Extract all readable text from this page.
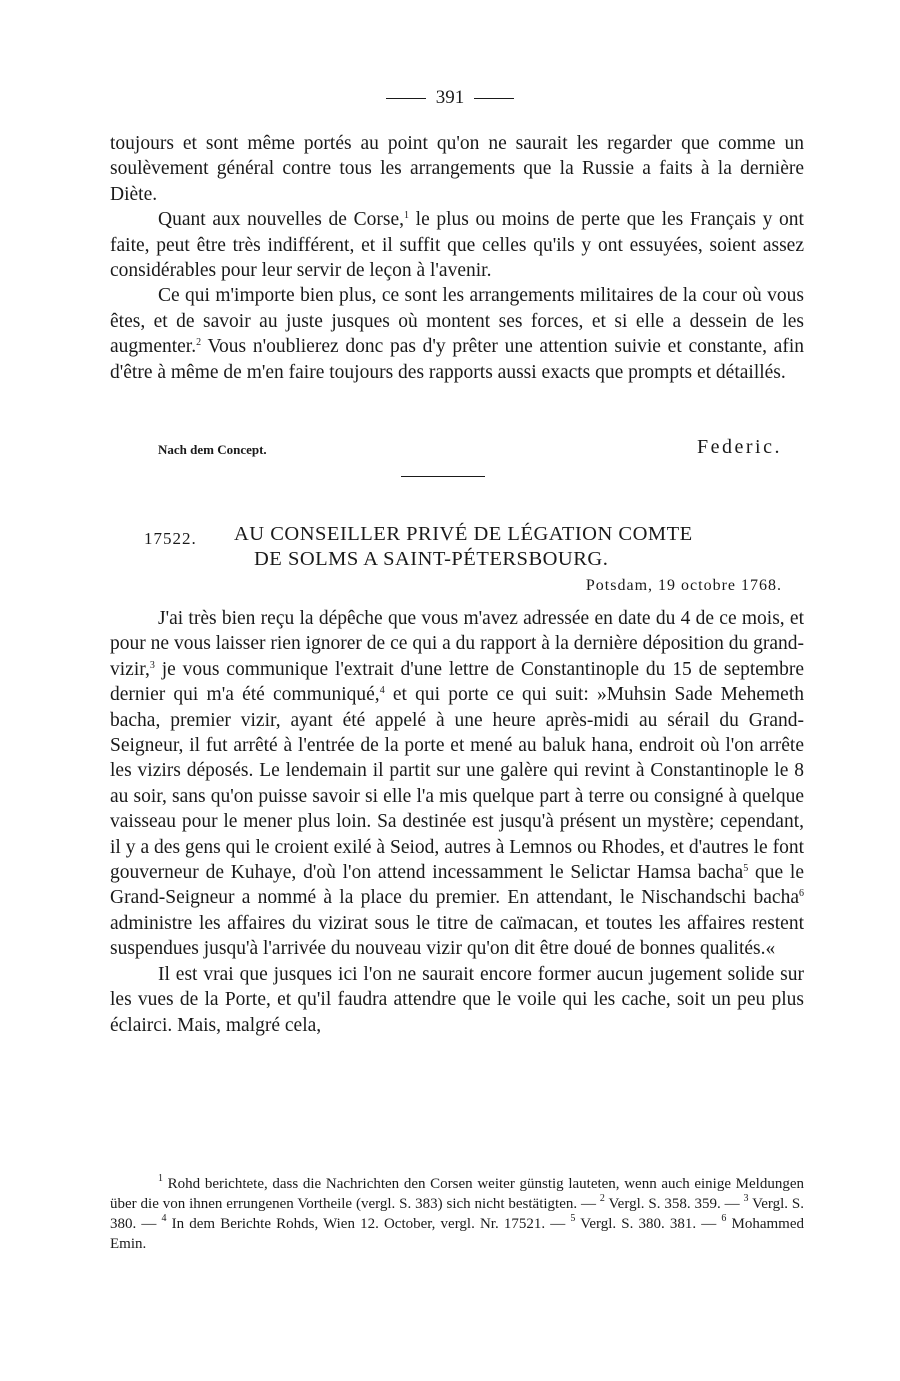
391

toujours et sont même portés au point qu'on ne saurait les regarder que comme un soulèvement général contre tous les arrangements que la Russie a faits à la dernière Diète.

Quant aux nouvelles de Corse,$^1$ le plus ou moins de perte que les Français y ont faite, peut être très indifférent, et il suffit que celles qu'ils y ont essuyées, soient assez considérables pour leur servir de leçon à l'avenir.

Ce qui m'importe bien plus, ce sont les arrangements militaires de la cour où vous êtes, et de savoir au juste jusques où montent ses forces, et si elle a dessein de les augmenter.$^2$ Vous n'oublierez donc pas d'y prêter une attention suivie et constante, afin d'être à même de m'en faire toujours des rapports aussi exacts que prompts et détaillés.

Nach dem Concept.	Federic.
17522. AU CONSEILLER PRIVÉ DE LÉGATION COMTE
DE SOLMS A SAINT-PÉTERSBOURG.
Potsdam, 19 octobre 1768.

J'ai très bien reçu la dépêche que vous m'avez adressée en date du 4 de ce mois, et pour ne vous laisser rien ignorer de ce qui a du rapport à la dernière déposition du grand-vizir,$^3$ je vous communique l'extrait d'une lettre de Constantinople du 15 de septembre dernier qui m'a été communiqué,$^4$ et qui porte ce qui suit: »Muhsin Sade Mehemeth bacha, premier vizir, ayant été appelé à une heure après-midi au sérail du Grand-Seigneur, il fut arrêté à l'entrée de la porte et mené au baluk hana, endroit où l'on arrête les vizirs déposés. Le lendemain il partit sur une galère qui revint à Constantinople le 8 au soir, sans qu'on puisse savoir si elle l'a mis quelque part à terre ou consigné à quelque vaisseau pour le mener plus loin. Sa destinée est jusqu'à présent un mystère; cependant, il y a des gens qui le croient exilé à Seiod, autres à Lemnos ou Rhodes, et d'autres le font gouverneur de Kuhaye, d'où l'on attend incessamment le Selictar Hamsa bacha$^5$ que le Grand-Seigneur a nommé à la place du premier. En attendant, le Nischandschi bacha$^6$ administre les affaires du vizirat sous le titre de caïmacan, et toutes les affaires restent suspendues jusqu'à l'arrivée du nouveau vizir qu'on dit être doué de bonnes qualités.«

Il est vrai que jusques ici l'on ne saurait encore former aucun jugement solide sur les vues de la Porte, et qu'il faudra attendre que le voile qui les cache, soit un peu plus éclairci. Mais, malgré cela,

$^1$ Rohd berichtete, dass die Nachrichten den Corsen weiter günstig lauteten, wenn auch einige Meldungen über die von ihnen errungenen Vortheile (vergl. S. 383) sich nicht bestätigten. — $^2$ Vergl. S. 358. 359. — $^3$ Vergl. S. 380. — $^4$ In dem Berichte Rohds, Wien 12. October, vergl. Nr. 17521. — $^5$ Vergl. S. 380. 381. — $^6$ Mohammed Emin.
